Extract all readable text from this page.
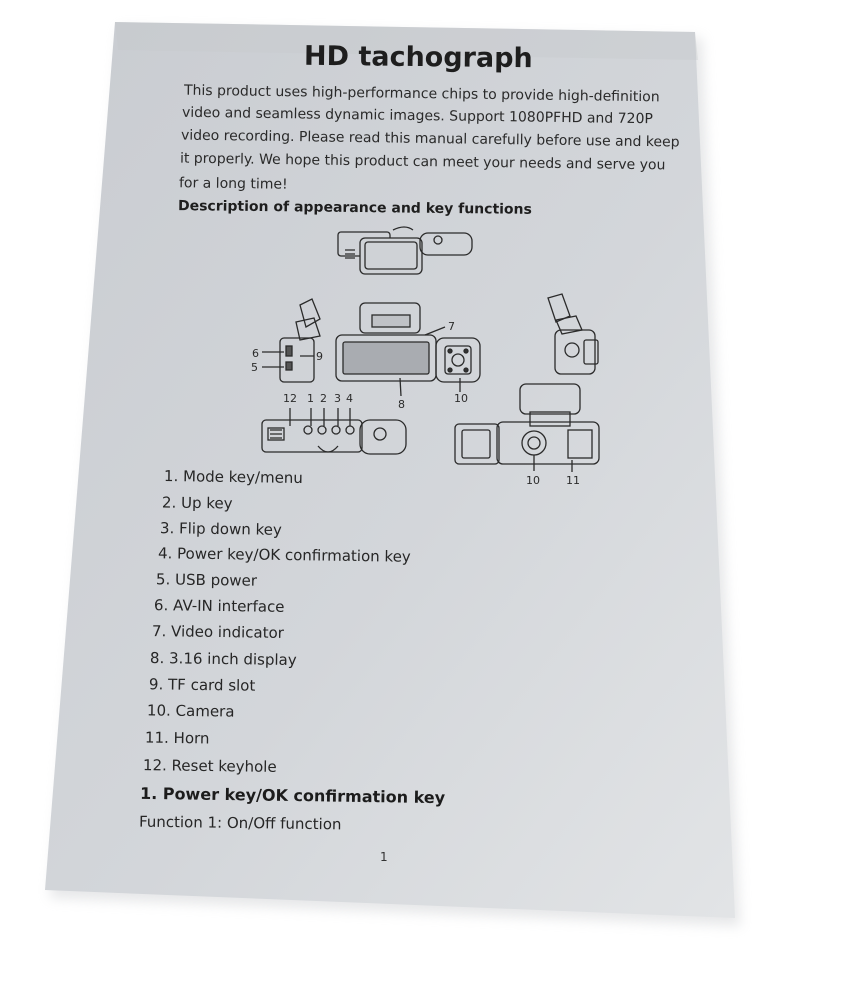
HD tachograph
This product uses high-performance chips to provide high-definition
video and seamless dynamic images. Support 1080PFHD and 720P
video recording. Please read this manual carefully before use and keep
it properly. We hope this product can meet your needs and serve you
for a long time!
Description of appearance and key functions
6	9
5
7
8	10
12 1 2 3 4
10 11
1. Mode key/menu
2. Up key
3. Flip down key
4. Power key/OK confirmation key
5. USB power
6. AV-IN interface
7. Video indicator
8. 3.16 inch display
9. TF card slot
10. Camera
11. Horn
12. Reset keyhole
1. Power key/OK confirmation key
Function 1: On/Off function
1
